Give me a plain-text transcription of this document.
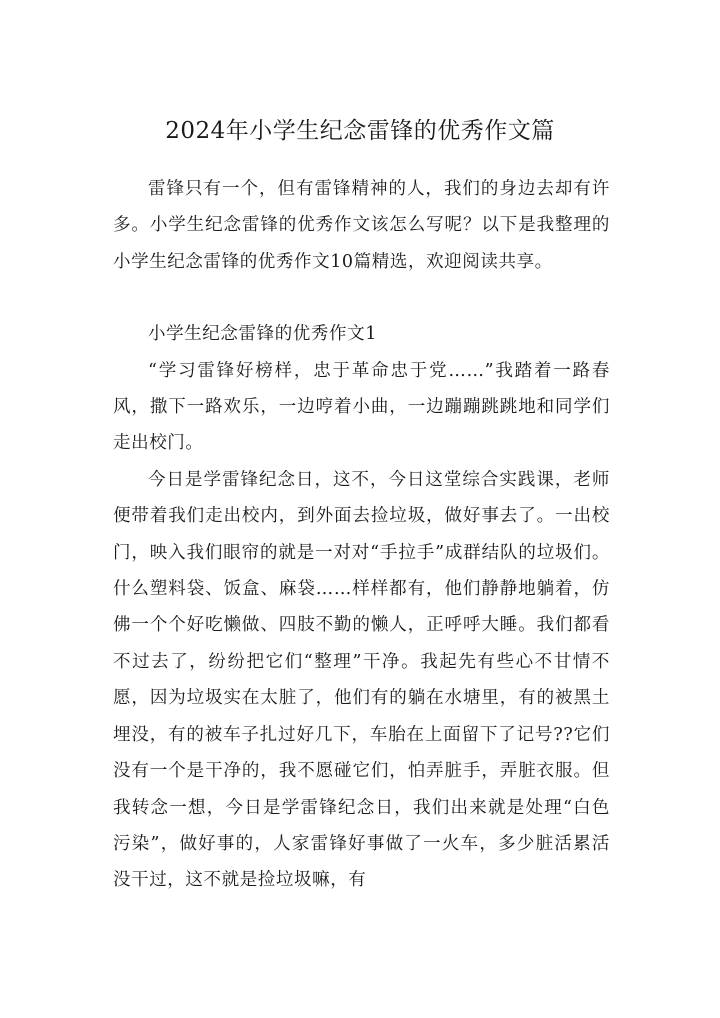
2024年小学生纪念雷锋的优秀作文篇

雷锋只有一个，但有雷锋精神的人，我们的身边去却有许多。小学生纪念雷锋的优秀作文该怎么写呢？以下是我整理的小学生纪念雷锋的优秀作文10篇精选，欢迎阅读共享。

小学生纪念雷锋的优秀作文1

“学习雷锋好榜样，忠于革命忠于党……”我踏着一路春风，撒下一路欢乐，一边哼着小曲，一边蹦蹦跳跳地和同学们走出校门。

今日是学雷锋纪念日，这不，今日这堂综合实践课，老师便带着我们走出校内，到外面去捡垃圾，做好事去了。一出校门，映入我们眼帘的就是一对对“手拉手”成群结队的垃圾们。什么塑料袋、饭盒、麻袋……样样都有，他们静静地躺着，仿佛一个个好吃懒做、四肢不勤的懒人，正呼呼大睡。我们都看不过去了，纷纷把它们“整理”干净。我起先有些心不甘情不愿，因为垃圾实在太脏了，他们有的躺在水塘里，有的被黑土埋没，有的被车子扎过好几下，车胎在上面留下了记号??它们没有一个是干净的，我不愿碰它们，怕弄脏手，弄脏衣服。但我转念一想，今日是学雷锋纪念日，我们出来就是处理“白色污染”，做好事的，人家雷锋好事做了一火车，多少脏活累活没干过，这不就是捡垃圾嘛，有
